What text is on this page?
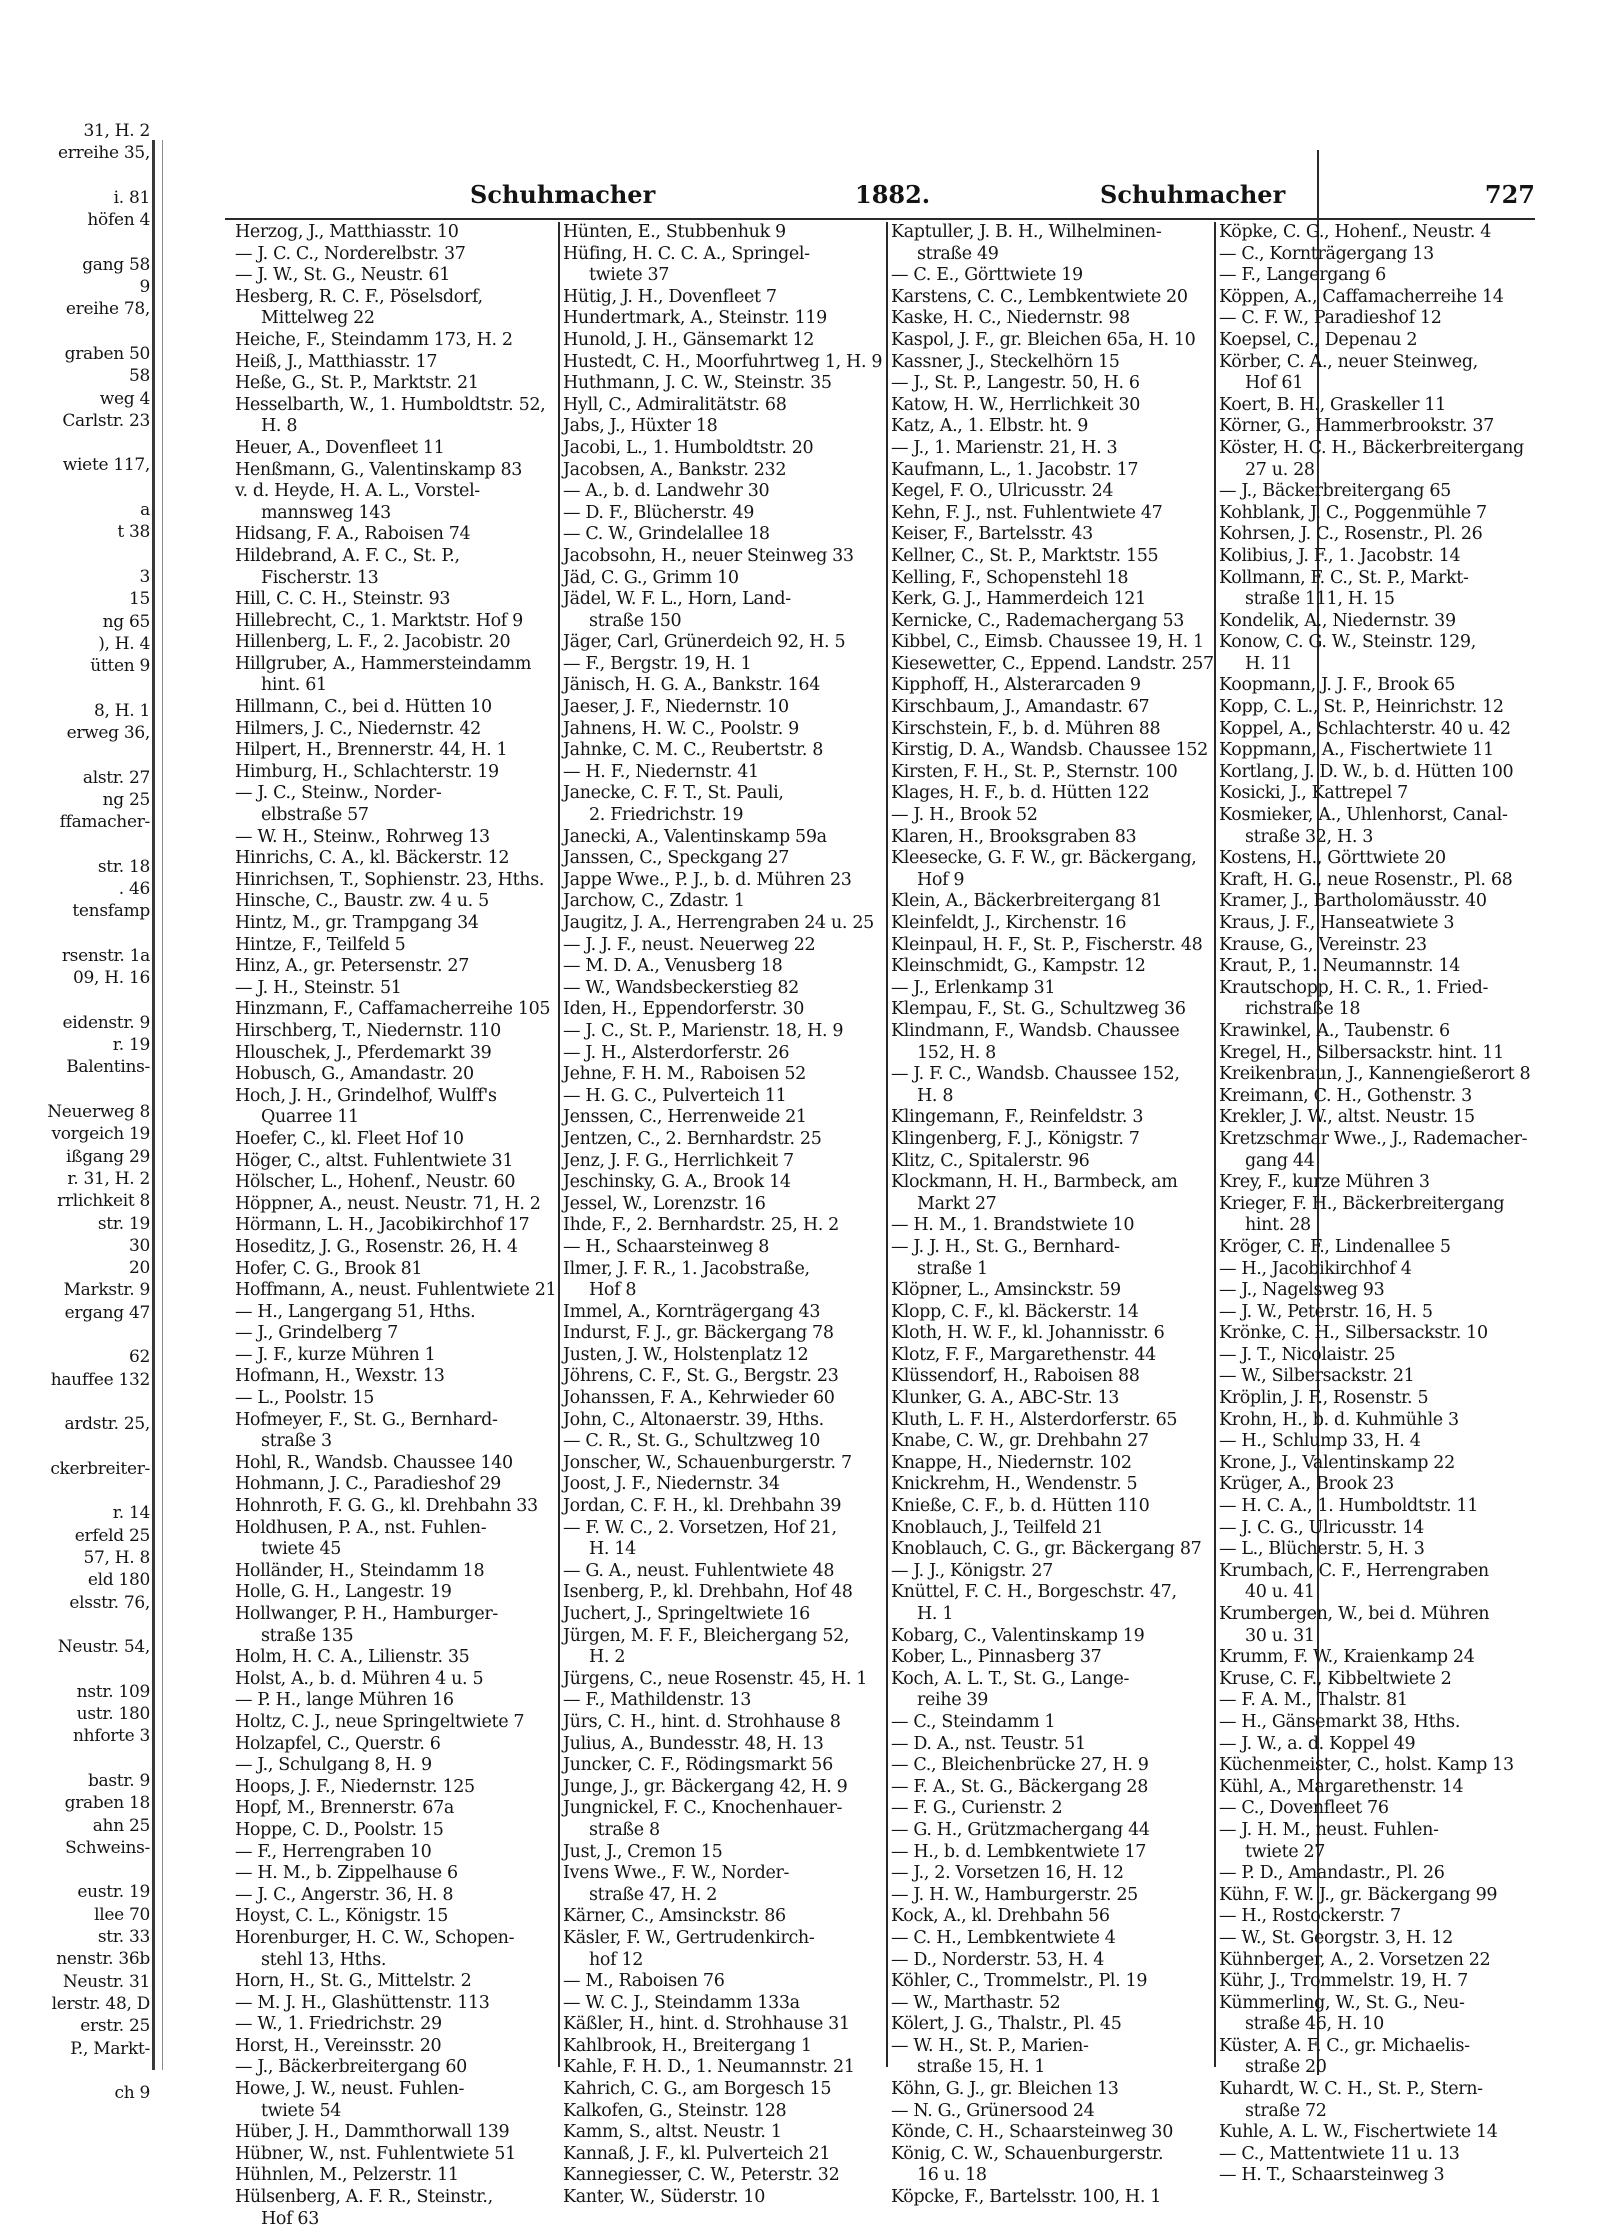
31, H. 2
erreihe 35,

i. 81
höfen 4

gang 58
9
ereihe 78,

graben 50
58
weg 4
Carlstr. 23

wiete 117,

a
t 38

3
15
ng 65
), H. 4
ütten 9

8, H. 1
erweg 36,

alstr. 27
ng 25
ffamacher-

str. 18
. 46
tensfamp

rsenstr. 1a
09, H. 16

eidenstr. 9
r. 19
Balentins-

Neuerweg 8
vorgeich 19
ißgang 29
r. 31, H. 2
rrlichkeit 8
str. 19
30
20
Markstr. 9
ergang 47

62
hauffee 132

ardstr. 25,

ckerbreiter-

r. 14
erfeld 25
57, H. 8
eld 180
elsstr. 76,

Neustr. 54,

nstr. 109
ustr. 180
nhforte 3

bastr. 9
graben 18
ahn 25
Schweins-

eustr. 19
llee 70
str. 33
nenstr. 36b
Neustr. 31
lerstr. 48, D
erstr. 25
P., Markt-

ch 9
Schuhmacher	1882.	Schuhmacher	727
Herzog, J., Matthiasstr. 10
— J. C. C., Norderelbstr. 37
— J. W., St. G., Neustr. 61
Hesberg, R. C. F., Pöselsdorf,
Mittelweg 22
Heiche, F., Steindamm 173, H. 2
Heiß, J., Matthiasstr. 17
Heße, G., St. P., Marktstr. 21
Hesselbarth, W., 1. Humboldtstr. 52,
H. 8
Heuer, A., Dovenfleet 11
Henßmann, G., Valentinskamp 83
v. d. Heyde, H. A. L., Vorstel-
mannsweg 143
Hidsang, F. A., Raboisen 74
Hildebrand, A. F. C., St. P.,
Fischerstr. 13
Hill, C. C. H., Steinstr. 93
Hillebrecht, C., 1. Marktstr. Hof 9
Hillenberg, L. F., 2. Jacobistr. 20
Hillgruber, A., Hammersteindamm
hint. 61
Hillmann, C., bei d. Hütten 10
Hilmers, J. C., Niedernstr. 42
Hilpert, H., Brennerstr. 44, H. 1
Himburg, H., Schlachterstr. 19
— J. C., Steinw., Norder-
elbstraße 57
— W. H., Steinw., Rohrweg 13
Hinrichs, C. A., kl. Bäckerstr. 12
Hinrichsen, T., Sophienstr. 23, Hths.
Hinsche, C., Baustr. zw. 4 u. 5
Hintz, M., gr. Trampgang 34
Hintze, F., Teilfeld 5
Hinz, A., gr. Petersenstr. 27
— J. H., Steinstr. 51
Hinzmann, F., Caffamacherreihe 105
Hirschberg, T., Niedernstr. 110
Hlouschek, J., Pferdemarkt 39
Hobusch, G., Amandastr. 20
Hoch, J. H., Grindelhof, Wulff's
Quarree 11
Hoefer, C., kl. Fleet Hof 10
Höger, C., altst. Fuhlentwiete 31
Hölscher, L., Hohenf., Neustr. 60
Höppner, A., neust. Neustr. 71, H. 2
Hörmann, L. H., Jacobikirchhof 17
Hoseditz, J. G., Rosenstr. 26, H. 4
Hofer, C. G., Brook 81
Hoffmann, A., neust. Fuhlentwiete 21
— H., Langergang 51, Hths.
— J., Grindelberg 7
— J. F., kurze Mühren 1
Hofmann, H., Wexstr. 13
— L., Poolstr. 15
Hofmeyer, F., St. G., Bernhard-
straße 3
Hohl, R., Wandsb. Chaussee 140
Hohmann, J. C., Paradieshof 29
Hohnroth, F. G. G., kl. Drehbahn 33
Holdhusen, P. A., nst. Fuhlen-
twiete 45
Holländer, H., Steindamm 18
Holle, G. H., Langestr. 19
Hollwanger, P. H., Hamburger-
straße 135
Holm, H. C. A., Lilienstr. 35
Holst, A., b. d. Mühren 4 u. 5
— P. H., lange Mühren 16
Holtz, C. J., neue Springeltwiete 7
Holzapfel, C., Querstr. 6
— J., Schulgang 8, H. 9
Hoops, J. F., Niedernstr. 125
Hopf, M., Brennerstr. 67a
Hoppe, C. D., Poolstr. 15
— F., Herrengraben 10
— H. M., b. Zippelhause 6
— J. C., Angerstr. 36, H. 8
Hoyst, C. L., Königstr. 15
Horenburger, H. C. W., Schopen-
stehl 13, Hths.
Horn, H., St. G., Mittelstr. 2
— M. J. H., Glashüttenstr. 113
— W., 1. Friedrichstr. 29
Horst, H., Vereinsstr. 20
— J., Bäckerbreitergang 60
Howe, J. W., neust. Fuhlen-
twiete 54
Hüber, J. H., Dammthorwall 139
Hübner, W., nst. Fuhlentwiete 51
Hühnlen, M., Pelzerstr. 11
Hülsenberg, A. F. R., Steinstr.,
Hof 63
Hünten, E., Stubbenhuk 9
Hüfing, H. C. C. A., Springel-
twiete 37
Hütig, J. H., Dovenfleet 7
Hundertmark, A., Steinstr. 119
Hunold, J. H., Gänsemarkt 12
Hustedt, C. H., Moorfuhrtweg 1, H. 9
Huthmann, J. C. W., Steinstr. 35
Hyll, C., Admiralitätstr. 68
Jabs, J., Hüxter 18
Jacobi, L., 1. Humboldtstr. 20
Jacobsen, A., Bankstr. 232
— A., b. d. Landwehr 30
— D. F., Blücherstr. 49
— C. W., Grindelallee 18
Jacobsohn, H., neuer Steinweg 33
Jäd, C. G., Grimm 10
Jädel, W. F. L., Horn, Land-
straße 150
Jäger, Carl, Grünerdeich 92, H. 5
— F., Bergstr. 19, H. 1
Jänisch, H. G. A., Bankstr. 164
Jaeser, J. F., Niedernstr. 10
Jahnens, H. W. C., Poolstr. 9
Jahnke, C. M. C., Reubertstr. 8
— H. F., Niedernstr. 41
Janecke, C. F. T., St. Pauli,
2. Friedrichstr. 19
Janecki, A., Valentinskamp 59a
Janssen, C., Speckgang 27
Jappe Wwe., P. J., b. d. Mühren 23
Jarchow, C., Zdastr. 1
Jaugitz, J. A., Herrengraben 24 u. 25
— J. J. F., neust. Neuerweg 22
— M. D. A., Venusberg 18
— W., Wandsbeckerstieg 82
Iden, H., Eppendorferstr. 30
— J. C., St. P., Marienstr. 18, H. 9
— J. H., Alsterdorferstr. 26
Jehne, F. H. M., Raboisen 52
— H. G. C., Pulverteich 11
Jenssen, C., Herrenweide 21
Jentzen, C., 2. Bernhardstr. 25
Jenz, J. F. G., Herrlichkeit 7
Jeschinsky, G. A., Brook 14
Jessel, W., Lorenzstr. 16
Ihde, F., 2. Bernhardstr. 25, H. 2
— H., Schaarsteinweg 8
Ilmer, J. F. R., 1. Jacobstraße,
Hof 8
Immel, A., Kornträgergang 43
Indurst, F. J., gr. Bäckergang 78
Justen, J. W., Holstenplatz 12
Jöhrens, C. F., St. G., Bergstr. 23
Johanssen, F. A., Kehrwieder 60
John, C., Altonaerstr. 39, Hths.
— C. R., St. G., Schultzweg 10
Jonscher, W., Schauenburgerstr. 7
Joost, J. F., Niedernstr. 34
Jordan, C. F. H., kl. Drehbahn 39
— F. W. C., 2. Vorsetzen, Hof 21,
H. 14
— G. A., neust. Fuhlentwiete 48
Isenberg, P., kl. Drehbahn, Hof 48
Juchert, J., Springeltwiete 16
Jürgen, M. F. F., Bleichergang 52,
H. 2
Jürgens, C., neue Rosenstr. 45, H. 1
— F., Mathildenstr. 13
Jürs, C. H., hint. d. Strohhause 8
Julius, A., Bundesstr. 48, H. 13
Juncker, C. F., Rödingsmarkt 56
Junge, J., gr. Bäckergang 42, H. 9
Jungnickel, F. C., Knochenhauer-
straße 8
Just, J., Cremon 15
Ivens Wwe., F. W., Norder-
straße 47, H. 2
Kärner, C., Amsinckstr. 86
Käsler, F. W., Gertrudenkirch-
hof 12
— M., Raboisen 76
— W. C. J., Steindamm 133a
Käßler, H., hint. d. Strohhause 31
Kahlbrook, H., Breitergang 1
Kahle, F. H. D., 1. Neumannstr. 21
Kahrich, C. G., am Borgesch 15
Kalkofen, G., Steinstr. 128
Kamm, S., altst. Neustr. 1
Kannaß, J. F., kl. Pulverteich 21
Kannegiesser, C. W., Peterstr. 32
Kanter, W., Süderstr. 10
Kaptuller, J. B. H., Wilhelminen-
straße 49
— C. E., Görttwiete 19
Karstens, C. C., Lembkentwiete 20
Kaske, H. C., Niedernstr. 98
Kaspol, J. F., gr. Bleichen 65a, H. 10
Kassner, J., Steckelhörn 15
— J., St. P., Langestr. 50, H. 6
Katow, H. W., Herrlichkeit 30
Katz, A., 1. Elbstr. ht. 9
— J., 1. Marienstr. 21, H. 3
Kaufmann, L., 1. Jacobstr. 17
Kegel, F. O., Ulricusstr. 24
Kehn, F. J., nst. Fuhlentwiete 47
Keiser, F., Bartelsstr. 43
Kellner, C., St. P., Marktstr. 155
Kelling, F., Schopenstehl 18
Kerk, G. J., Hammerdeich 121
Kernicke, C., Rademachergang 53
Kibbel, C., Eimsb. Chaussee 19, H. 1
Kiesewetter, C., Eppend. Landstr. 257
Kipphoff, H., Alsterarcaden 9
Kirschbaum, J., Amandastr. 67
Kirschstein, F., b. d. Mühren 88
Kirstig, D. A., Wandsb. Chaussee 152
Kirsten, F. H., St. P., Sternstr. 100
Klages, H. F., b. d. Hütten 122
— J. H., Brook 52
Klaren, H., Brooksgraben 83
Kleesecke, G. F. W., gr. Bäckergang,
Hof 9
Klein, A., Bäckerbreitergang 81
Kleinfeldt, J., Kirchenstr. 16
Kleinpaul, H. F., St. P., Fischerstr. 48
Kleinschmidt, G., Kampstr. 12
— J., Erlenkamp 31
Klempau, F., St. G., Schultzweg 36
Klindmann, F., Wandsb. Chaussee
152, H. 8
— J. F. C., Wandsb. Chaussee 152,
H. 8
Klingemann, F., Reinfeldstr. 3
Klingenberg, F. J., Königstr. 7
Klitz, C., Spitalerstr. 96
Klockmann, H. H., Barmbeck, am
Markt 27
— H. M., 1. Brandstwiete 10
— J. J. H., St. G., Bernhard-
straße 1
Klöpner, L., Amsinckstr. 59
Klopp, C. F., kl. Bäckerstr. 14
Kloth, H. W. F., kl. Johannisstr. 6
Klotz, F. F., Margarethenstr. 44
Klüssendorf, H., Raboisen 88
Klunker, G. A., ABC-Str. 13
Kluth, L. F. H., Alsterdorferstr. 65
Knabe, C. W., gr. Drehbahn 27
Knappe, H., Niedernstr. 102
Knickrehm, H., Wendenstr. 5
Knieße, C. F., b. d. Hütten 110
Knoblauch, J., Teilfeld 21
Knoblauch, C. G., gr. Bäckergang 87
— J. J., Königstr. 27
Knüttel, F. C. H., Borgeschstr. 47,
H. 1
Kobarg, C., Valentinskamp 19
Kober, L., Pinnasberg 37
Koch, A. L. T., St. G., Lange-
reihe 39
— C., Steindamm 1
— D. A., nst. Teustr. 51
— C., Bleichenbrücke 27, H. 9
— F. A., St. G., Bäckergang 28
— F. G., Curienstr. 2
— G. H., Grützmachergang 44
— H., b. d. Lembkentwiete 17
— J., 2. Vorsetzen 16, H. 12
— J. H. W., Hamburgerstr. 25
Kock, A., kl. Drehbahn 56
— C. H., Lembkentwiete 4
— D., Norderstr. 53, H. 4
Köhler, C., Trommelstr., Pl. 19
— W., Marthastr. 52
Kölert, J. G., Thalstr., Pl. 45
— W. H., St. P., Marien-
straße 15, H. 1
Köhn, G. J., gr. Bleichen 13
— N. G., Grünersood 24
Könde, C. H., Schaarsteinweg 30
König, C. W., Schauenburgerstr.
16 u. 18
Köpcke, F., Bartelsstr. 100, H. 1
Köpke, C. G., Hohenf., Neustr. 4
— C., Kornträgergang 13
— F., Langergang 6
Köppen, A., Caffamacherreihe 14
— C. F. W., Paradieshof 12
Koepsel, C., Depenau 2
Körber, C. A., neuer Steinweg,
Hof 61
Koert, B. H., Graskeller 11
Körner, G., Hammerbrookstr. 37
Köster, H. C. H., Bäckerbreitergang
27 u. 28
— J., Bäckerbreitergang 65
Kohblank, J. C., Poggenmühle 7
Kohrsen, J. C., Rosenstr., Pl. 26
Kolibius, J. F., 1. Jacobstr. 14
Kollmann, F. C., St. P., Markt-
straße 111, H. 15
Kondelik, A., Niedernstr. 39
Konow, C. G. W., Steinstr. 129,
H. 11
Koopmann, J. J. F., Brook 65
Kopp, C. L., St. P., Heinrichstr. 12
Koppel, A., Schlachterstr. 40 u. 42
Koppmann, A., Fischertwiete 11
Kortlang, J. D. W., b. d. Hütten 100
Kosicki, J., Kattrepel 7
Kosmieker, A., Uhlenhorst, Canal-
straße 32, H. 3
Kostens, H., Görttwiete 20
Kraft, H. G., neue Rosenstr., Pl. 68
Kramer, J., Bartholomäusstr. 40
Kraus, J. F., Hanseatwiete 3
Krause, G., Vereinstr. 23
Kraut, P., 1. Neumannstr. 14
Krautschopp, H. C. R., 1. Fried-
richstraße 18
Krawinkel, A., Taubenstr. 6
Kregel, H., Silbersackstr. hint. 11
Kreikenbraun, J., Kannengießerort 8
Kreimann, C. H., Gothenstr. 3
Krekler, J. W., altst. Neustr. 15
Kretzschmar Wwe., J., Rademacher-
gang 44
Krey, F., kurze Mühren 3
Krieger, F. H., Bäckerbreitergang
hint. 28
Kröger, C. F., Lindenallee 5
— H., Jacobikirchhof 4
— J., Nagelsweg 93
— J. W., Peterstr. 16, H. 5
Krönke, C. H., Silbersackstr. 10
— J. T., Nicolaistr. 25
— W., Silbersackstr. 21
Kröplin, J. F., Rosenstr. 5
Krohn, H., b. d. Kuhmühle 3
— H., Schlump 33, H. 4
Krone, J., Valentinskamp 22
Krüger, A., Brook 23
— H. C. A., 1. Humboldtstr. 11
— J. C. G., Ulricusstr. 14
— L., Blücherstr. 5, H. 3
Krumbach, C. F., Herrengraben
40 u. 41
Krumbergen, W., bei d. Mühren
30 u. 31
Krumm, F. W., Kraienkamp 24
Kruse, C. F., Kibbeltwiete 2
— F. A. M., Thalstr. 81
— H., Gänsemarkt 38, Hths.
— J. W., a. d. Koppel 49
Küchenmeister, C., holst. Kamp 13
Kühl, A., Margarethenstr. 14
— C., Dovenfleet 76
— J. H. M., neust. Fuhlen-
twiete 27
— P. D., Amandastr., Pl. 26
Kühn, F. W. J., gr. Bäckergang 99
— H., Rostockerstr. 7
— W., St. Georgstr. 3, H. 12
Kühnberger, A., 2. Vorsetzen 22
Kühr, J., Trommelstr. 19, H. 7
Kümmerling, W., St. G., Neu-
straße 46, H. 10
Küster, A. F. C., gr. Michaelis-
straße 20
Kuhardt, W. C. H., St. P., Stern-
straße 72
Kuhle, A. L. W., Fischertwiete 14
— C., Mattentwiete 11 u. 13
— H. T., Schaarsteinweg 3
